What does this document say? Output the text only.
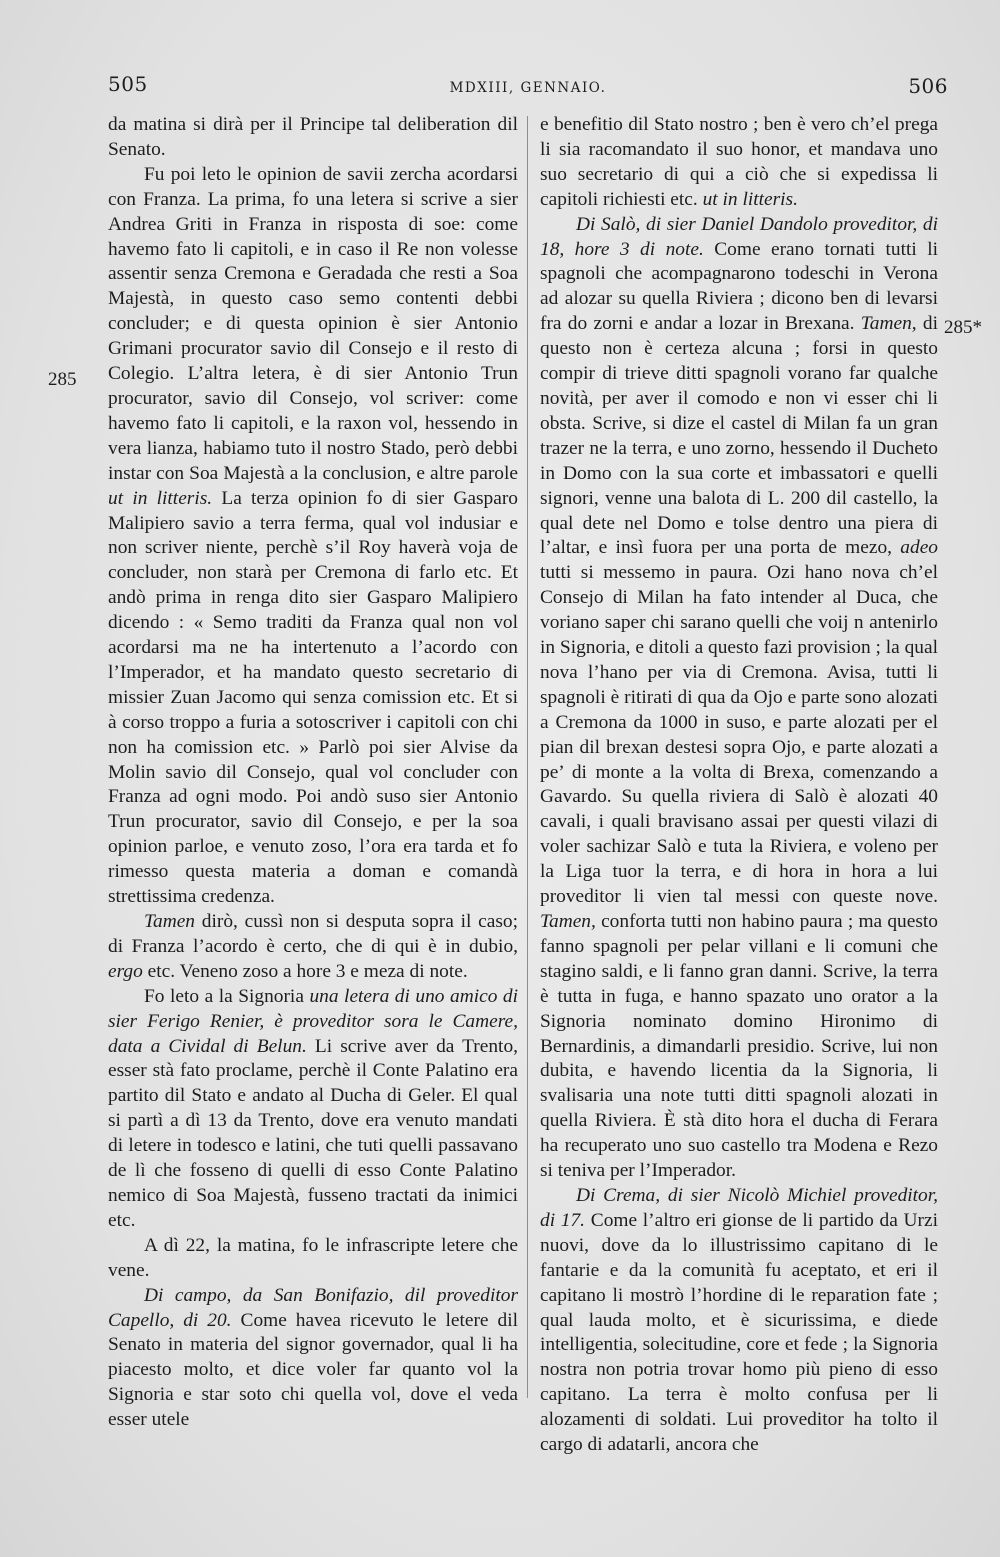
505	MDXIII, GENNAIO.	506
285
285*

da matina si dirà per il Principe tal deliberation dil Senato.

Fu poi leto le opinion de savii zercha acordarsi con Franza. La prima, fo una letera si scrive a sier Andrea Griti in Franza in risposta di soe: come havemo fato li capitoli, e in caso il Re non volesse assentir senza Cremona e Geradada che resti a Soa Majestà, in questo caso semo contenti debbi concluder; e di questa opinion è sier Antonio Grimani procurator savio dil Consejo e il resto di Colegio. L’altra letera, è di sier Antonio Trun procurator, savio dil Consejo, vol scriver: come havemo fato li capitoli, e la raxon vol, hessendo in vera lianza, habiamo tuto il nostro Stado, però debbi instar con Soa Majestà a la conclusion, e altre parole ut in litteris. La terza opinion fo di sier Gasparo Malipiero savio a terra ferma, qual vol indusiar e non scriver niente, perchè s’il Roy haverà voja de concluder, non starà per Cremona di farlo etc. Et andò prima in renga dito sier Gasparo Malipiero dicendo : « Semo traditi da Franza qual non vol acordarsi ma ne ha intertenuto a l’acordo con l’Imperador, et ha mandato questo secretario di missier Zuan Jacomo qui senza comission etc. Et si à corso troppo a furia a sotoscriver i capitoli con chi non ha comission etc. » Parlò poi sier Alvise da Molin savio dil Consejo, qual vol concluder con Franza ad ogni modo. Poi andò suso sier Antonio Trun procurator, savio dil Consejo, e per la soa opinion parloe, e venuto zoso, l’ora era tarda et fo rimesso questa materia a doman e comandà strettissima credenza.

Tamen dirò, cussì non si desputa sopra il caso; di Franza l’acordo è certo, che di qui è in dubio, ergo etc. Veneno zoso a hore 3 e meza di note.

Fo leto a la Signoria una letera di uno amico di sier Ferigo Renier, è proveditor sora le Camere, data a Cividal di Belun. Li scrive aver da Trento, esser stà fato proclame, perchè il Conte Palatino era partito dil Stato e andato al Ducha di Geler. El qual si partì a dì 13 da Trento, dove era venuto mandati di letere in todesco e latini, che tuti quelli passavano de lì che fosseno di quelli di esso Conte Palatino nemico di Soa Majestà, fusseno tractati da inimici etc.

A dì 22, la matina, fo le infrascripte letere che vene.

Di campo, da San Bonifazio, dil proveditor Capello, di 20. Come havea ricevuto le letere dil Senato in materia del signor governador, qual li ha piacesto molto, et dice voler far quanto vol la Signoria e star soto chi quella vol, dove el veda esser utele

e benefitio dil Stato nostro ; ben è vero ch’el prega li sia racomandato il suo honor, et mandava uno suo secretario di qui a ciò che si expedissa li capitoli richiesti etc. ut in litteris.

Di Salò, di sier Daniel Dandolo proveditor, di 18, hore 3 di note. Come erano tornati tutti li spagnoli che acompagnarono todeschi in Verona ad alozar su quella Riviera ; dicono ben di levarsi fra do zorni e andar a lozar in Brexana. Tamen, di questo non è certeza alcuna ; forsi in questo compir di trieve ditti spagnoli vorano far qualche novità, per aver il comodo e non vi esser chi li obsta. Scrive, si dize el castel di Milan fa un gran trazer ne la terra, e uno zorno, hessendo il Ducheto in Domo con la sua corte et imbassatori e quelli signori, venne una balota di L. 200 dil castello, la qual dete nel Domo e tolse dentro una piera di l’altar, e insì fuora per una porta de mezo, adeo tutti si messemo in paura. Ozi hano nova ch’el Consejo di Milan ha fato intender al Duca, che voriano saper chi sarano quelli che voij n antenirlo in Signoria, e ditoli a questo fazi provision ; la qual nova l’hano per via di Cremona. Avisa, tutti li spagnoli è ritirati di qua da Ojo e parte sono alozati a Cremona da 1000 in suso, e parte alozati per el pian dil brexan destesi sopra Ojo, e parte alozati a pe’ di monte a la volta di Brexa, comenzando a Gavardo. Su quella riviera di Salò è alozati 40 cavali, i quali bravisano assai per questi vilazi di voler sachizar Salò e tuta la Riviera, e voleno per la Liga tuor la terra, e di hora in hora a lui proveditor li vien tal messi con queste nove. Tamen, conforta tutti non habino paura ; ma questo fanno spagnoli per pelar villani e li comuni che stagino saldi, e li fanno gran danni. Scrive, la terra è tutta in fuga, e hanno spazato uno orator a la Signoria nominato domino Hironimo di Bernardinis, a dimandarli presidio. Scrive, lui non dubita, e havendo licentia da la Signoria, li svalisaria una note tutti ditti spagnoli alozati in quella Riviera. È stà dito hora el ducha di Ferara ha recuperato uno suo castello tra Modena e Rezo si teniva per l’Imperador.

Di Crema, di sier Nicolò Michiel proveditor, di 17. Come l’altro eri gionse de li partido da Urzi nuovi, dove da lo illustrissimo capitano di le fantarie e da la comunità fu aceptato, et eri il capitano li mostrò l’hordine di le reparation fate ; qual lauda molto, et è sicurissima, e diede intelligentia, solecitudine, core et fede ; la Signoria nostra non potria trovar homo più pieno di esso capitano. La terra è molto confusa per li alozamenti di soldati. Lui proveditor ha tolto il cargo di adatarli, ancora che
